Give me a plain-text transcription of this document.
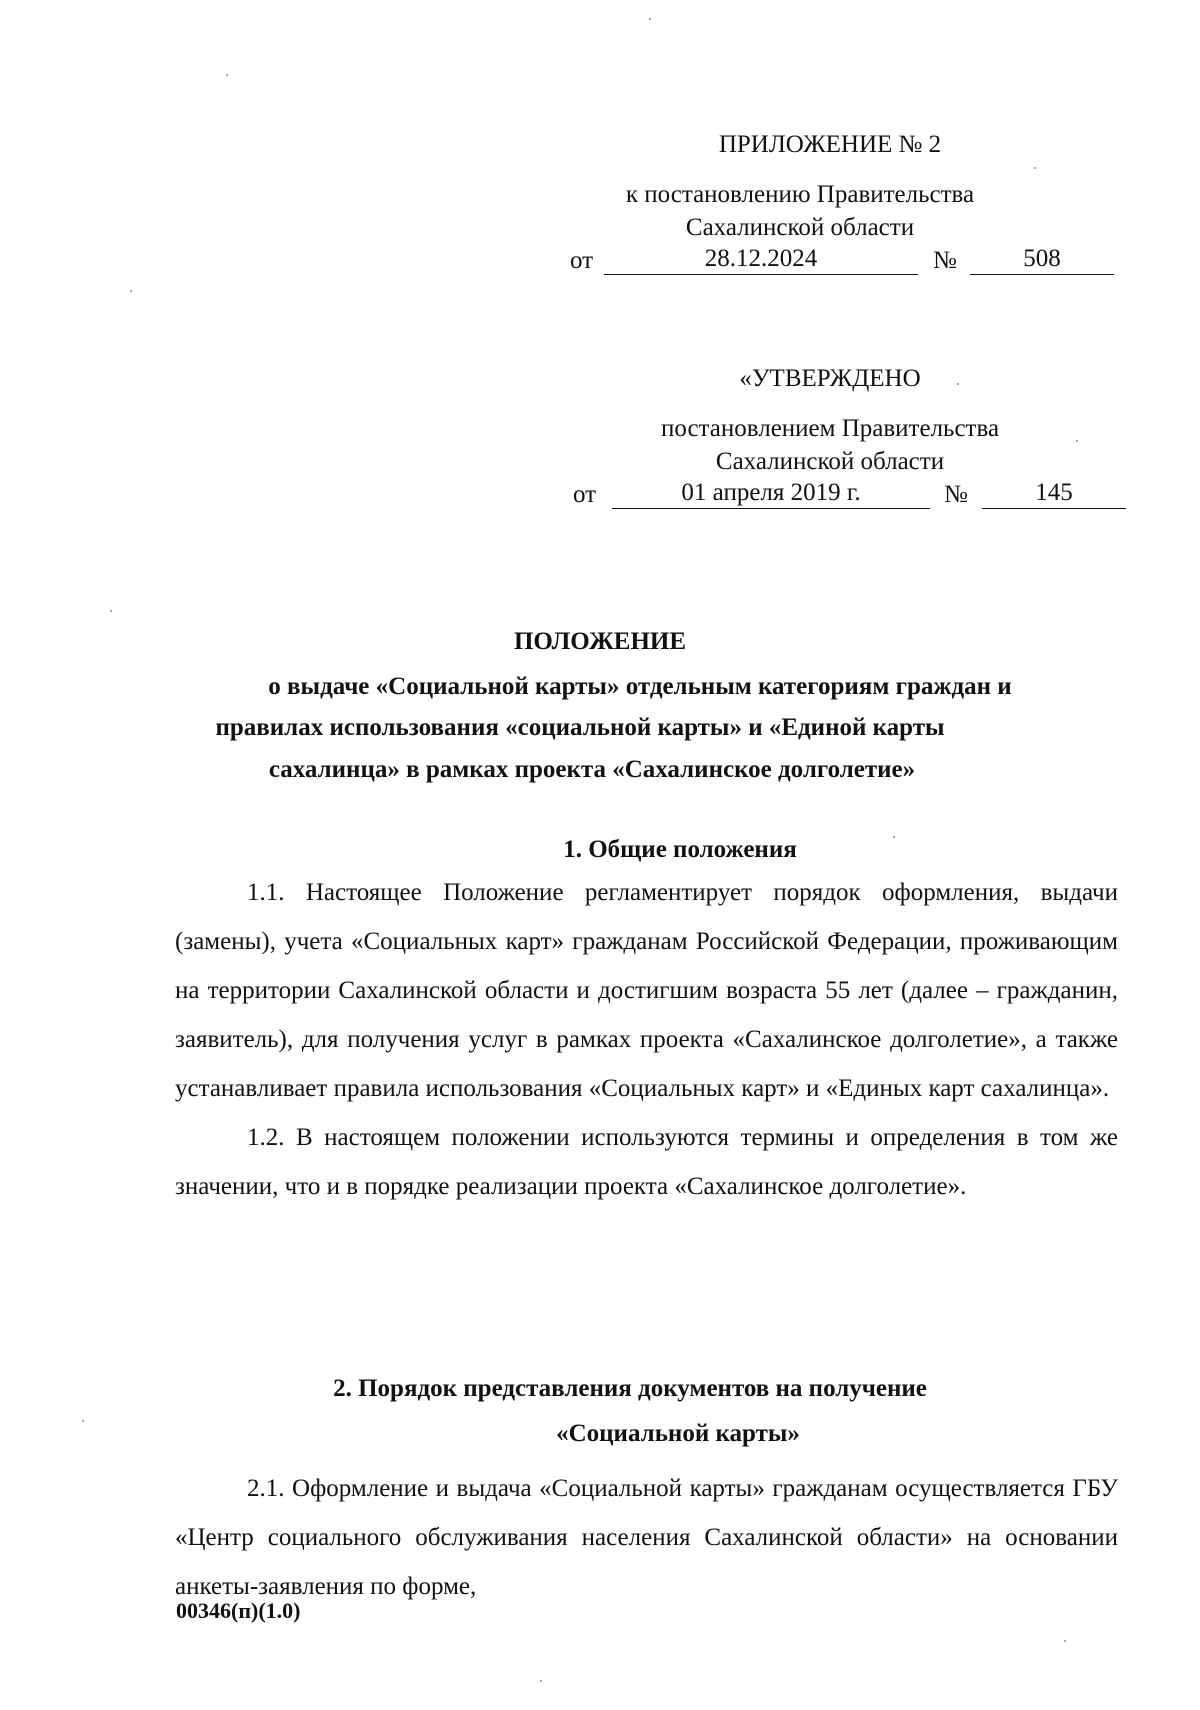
ПРИЛОЖЕНИЕ № 2
к постановлению Правительства
Сахалинской области
от	28.12.2024	№	508
«УТВЕРЖДЕНО
постановлением Правительства
Сахалинской области
от	01 апреля 2019 г.	№	145
ПОЛОЖЕНИЕ
о выдаче «Социальной карты» отдельным категориям граждан и
правилах использования «социальной карты» и «Единой карты
сахалинца» в рамках проекта «Сахалинское долголетие»
1. Общие положения
1.1. Настоящее Положение регламентирует порядок оформления, выдачи (замены), учета «Социальных карт» гражданам Российской Федерации, проживающим на территории Сахалинской области и достигшим возраста 55 лет (далее – гражданин, заявитель), для получения услуг в рамках проекта «Сахалинское долголетие», а также устанавливает правила использования «Социальных карт» и «Единых карт сахалинца».
1.2. В настоящем положении используются термины и определения в том же значении, что и в порядке реализации проекта «Сахалинское долголетие».
2. Порядок представления документов на получение
«Социальной карты»
2.1. Оформление и выдача «Социальной карты» гражданам осуществляется ГБУ «Центр социального обслуживания населения Сахалинской области» на основании анкеты-заявления по форме,
00346(п)(1.0)
